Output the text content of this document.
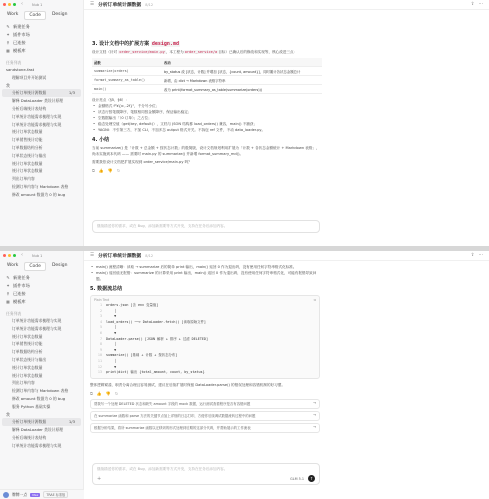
‹	Nub 1
Work	Code	Design
✎ 新建任务
✦ 插件市场
⚲ 已连接
▦ 模板库
任务列表
sandstone-fast
理解项目并开始测试
我
分析订单统计源数据	1/3
解释 DataLoader 类设计原理
分析后端统计表结构
订单统计功能需求梳理与实现
订单统计功能需求梳理与实现
统计订单状态数量
订单销售统计功能
订单数据结构分析
订单状态统计与输出
统计订单状态数量
统计订单状态数量
列出订单内容
检测订单内容与 Markdown 表格
修改 amount 数据为 0 的 bug
☰ 分析订单统计源数据 8/12	⇪ ⋯
3. 设计文档中的扩展方案 design.md
设计文档（针对 order_service/main.py，本工程为order_service/a目标）已确认后的修改和实现等，核心改进三点：
函数	改动
summarize(orders)	by_status 改 [状态，计数] 并增加 [状态，{count, amount}]，同时累计各状态金额总计
format_summary_as_table()	新增，由 dict → Markdown 表格字符串
main()	改为 print(format_summary_as_table(summarize(orders)))
设计亮点（§5、§6）：
• 金额格式 f"¥{x:,.2f}"，千分号小位；
• 状态行按笔数降序，笔数相同按金额降序，保证输出稳定；
• 空数据输出「（0 订单）」之占位；
• 稳态处理空值（get(key, default)），文档与 JSON 结构都 load_orders() 兼容，main() 不捕获；
• YAGNI：不引第三方，不加 CLI，不加多态 output 格式开关。不拆包 ref 文件，不动 data_loader.py。
4. 小结
当前 summarize() 是「计数 + 总金额 + 按状态计数」的极简版，设计文档规划利用扩展为「计数 + 各状态金额统计 + Markdown 表格」，尚未实施到本代码 —— 需要时 main.py 的 summarize() 并新增 format_summary_md()。
需要我依设计文档把扩展实现到 order_service/main.py 吗？
⧉ 👍 👎 ↻
继续描述你的需求，或在 Bug、添加新需要等方式开发，支持在任务后添加内容。
‹	Nub 1
Work	Code	Design
✎ 新建任务
✦ 插件市场
⚲ 已连接
▦ 模板库
任务列表
订单统计功能需求梳理与实现
订单统计功能需求梳理与实现
统计订单状态数量
订单销售统计功能
订单数据结构分析
订单状态统计与输出
统计订单状态数量
统计订单状态数量
列出订单内容
检测订单内容与 Markdown 表格
修改 amount 数据为 0 的 bug
服务 Python 基础实操
我
分析订单统计源数据	1/3
解释 DataLoader 类设计原理
分析后端统计表结构
订单统计功能需求梳理与实现
牌牌一点	Max	TRAE 标准版
☰ 分析订单统计源数据 8/12	⇪ ⋯
• main() 流程清晰：读取 → summarize 后的简单 print 输出，main() 返回 0 作为退出码，没有使用任何字符串格式化标准。
• main() 返回值无报错：summarize 的计算采用 print 输出，main() 返回 0 作为退出码，没有使用任何字符串格式化，可能有报错导致问题。
5. 数据流总结
Plain Text	⧉
1 orders.json [含 env 变量值]
2 │
3 ▼
4 load_orders() ──> DataLoader.fetch() [读取原始文件]
5 │
6 ▼
7 DataLoader.parse() [JSON 解析 + 排序 + 过滤 DELETED]
8 │
9 ▼
10 summarize() [基础 + 计数 + 按状态分布]
11 │
12 ▼
13 print(dict) 输出 {total_amount, count, by_status}
整体逻辑紧凑，职责分离合理且容易测试，建议在后续扩展时保留 DataLoader.parse() 的错误处理和容错机制的好习惯。
⧉ 👍 👎 ↻
帮我写一个处理 DELETED 状态和缺失 amount 字段的 mock 数据，运行测试查看程序是否有容错问题	→
在 summarize 函数和 parse 方法的关键节点加上详细的日志打印，方便你后续调试数据流转过程中的问题	→
根据分析结果，将所 summarize 函数以迁移到的形式处理到后期的这部分代码，并帮助展示的工作流表	→
继续描述你的需求，或在 Bug、添加新需要等方式开发，支持在任务后添加内容。
+	GLM 5.1	↑
